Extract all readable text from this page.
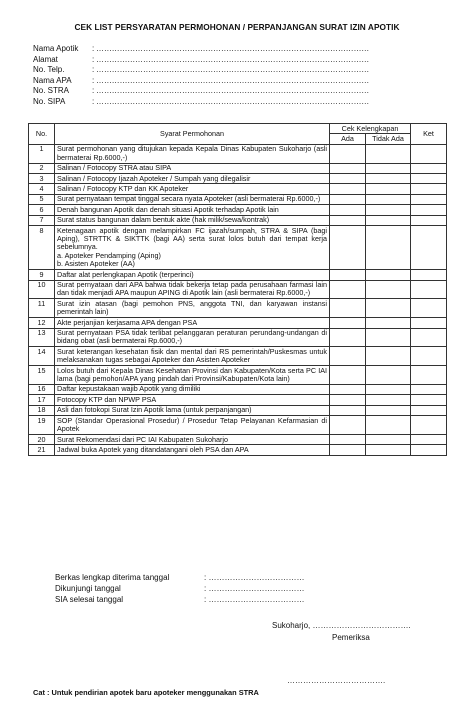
CEK LIST PERSYARATAN PERMOHONAN / PERPANJANGAN SURAT IZIN APOTIK
Nama Apotik	: ……………………………………………………………………………………………
Alamat	: ……………………………………………………………………………………………
No. Telp.	: ……………………………………………………………………………………………
Nama APA	: ……………………………………………………………………………………………
No. STRA	: ……………………………………………………………………………………………
No. SIPA	: ……………………………………………………………………………………………
No.	Syarat Permohonan	Cek Kelengkapan		Ket
		Ada	Tidak Ada	
1	Surat permohonan yang ditujukan kepada Kepala Dinas Kabupaten Sukoharjo (asli bermaterai Rp.6000,-)			

2	Salinan / Fotocopy STRA atau SIPA			

3	Salinan / Fotocopy Ijazah Apoteker / Sumpah yang dilegalisir			

4	Salinan / Fotocopy KTP dan KK Apoteker			

5	Surat pernyataan tempat tinggal secara nyata Apoteker (asli bermaterai Rp.6000,-)			

6	Denah bangunan Apotik dan denah situasi Apotik terhadap Apotik lain			

7	Surat status bangunan dalam bentuk akte (hak milik/sewa/kontrak)			

8	Ketenagaan apotik dengan melampirkan FC ijazah/sumpah, STRA & SIPA (bagi Aping), STRTTK & SIKTTK (bagi AA) serta surat lolos butuh dari tempat kerja sebelumnya.
a. Apoteker Pendamping (Aping)
b. Asisten Apoteker (AA)			

9	Daftar alat perlengkapan Apotik (terperinci)			

10	Surat pernyataan dari APA bahwa tidak bekerja tetap pada perusahaan farmasi lain dan tidak menjadi APA maupun APING di Apotik lain (asli bermaterai Rp.6000,-)			

11	Surat izin atasan (bagi pemohon PNS, anggota TNI, dan karyawan instansi pemerintah lain)			

12	Akte perjanjian kerjasama APA dengan PSA			

13	Surat pernyataan PSA tidak terlibat pelanggaran peraturan perundang-undangan di bidang obat (asli bermaterai Rp.6000,-)			

14	Surat keterangan kesehatan fisik dan mental dari RS pemerintah/Puskesmas untuk melaksanakan tugas sebagai Apoteker dan Asisten Apoteker			

15	Lolos butuh dari Kepala Dinas Kesehatan Provinsi dan Kabupaten/Kota serta PC IAI lama (bagi pemohon/APA yang pindah dari Provinsi/Kabupaten/Kota lain)			

16	Daftar kepustakaan wajib Apotik yang dimiliki			

17	Fotocopy KTP dan NPWP PSA			

18	Asli dan fotokopi Surat Izin Apotik lama (untuk perpanjangan)			

19	SOP (Standar Operasional Prosedur) / Prosedur Tetap Pelayanan Kefarmasian di Apotek			

20	Surat Rekomendasi dari PC IAI Kabupaten Sukoharjo			

21	Jadwal buka Apotek yang ditandatangani oleh PSA dan APA			

Berkas lengkap diterima tanggal	: ………………………………
Dikunjungi tanggal	: ………………………………
SIA selesai tanggal	: ………………………………
Sukoharjo, ……………………………….
Pemeriksa
……………………………….
Cat : Untuk pendirian apotek baru apoteker menggunakan STRA
